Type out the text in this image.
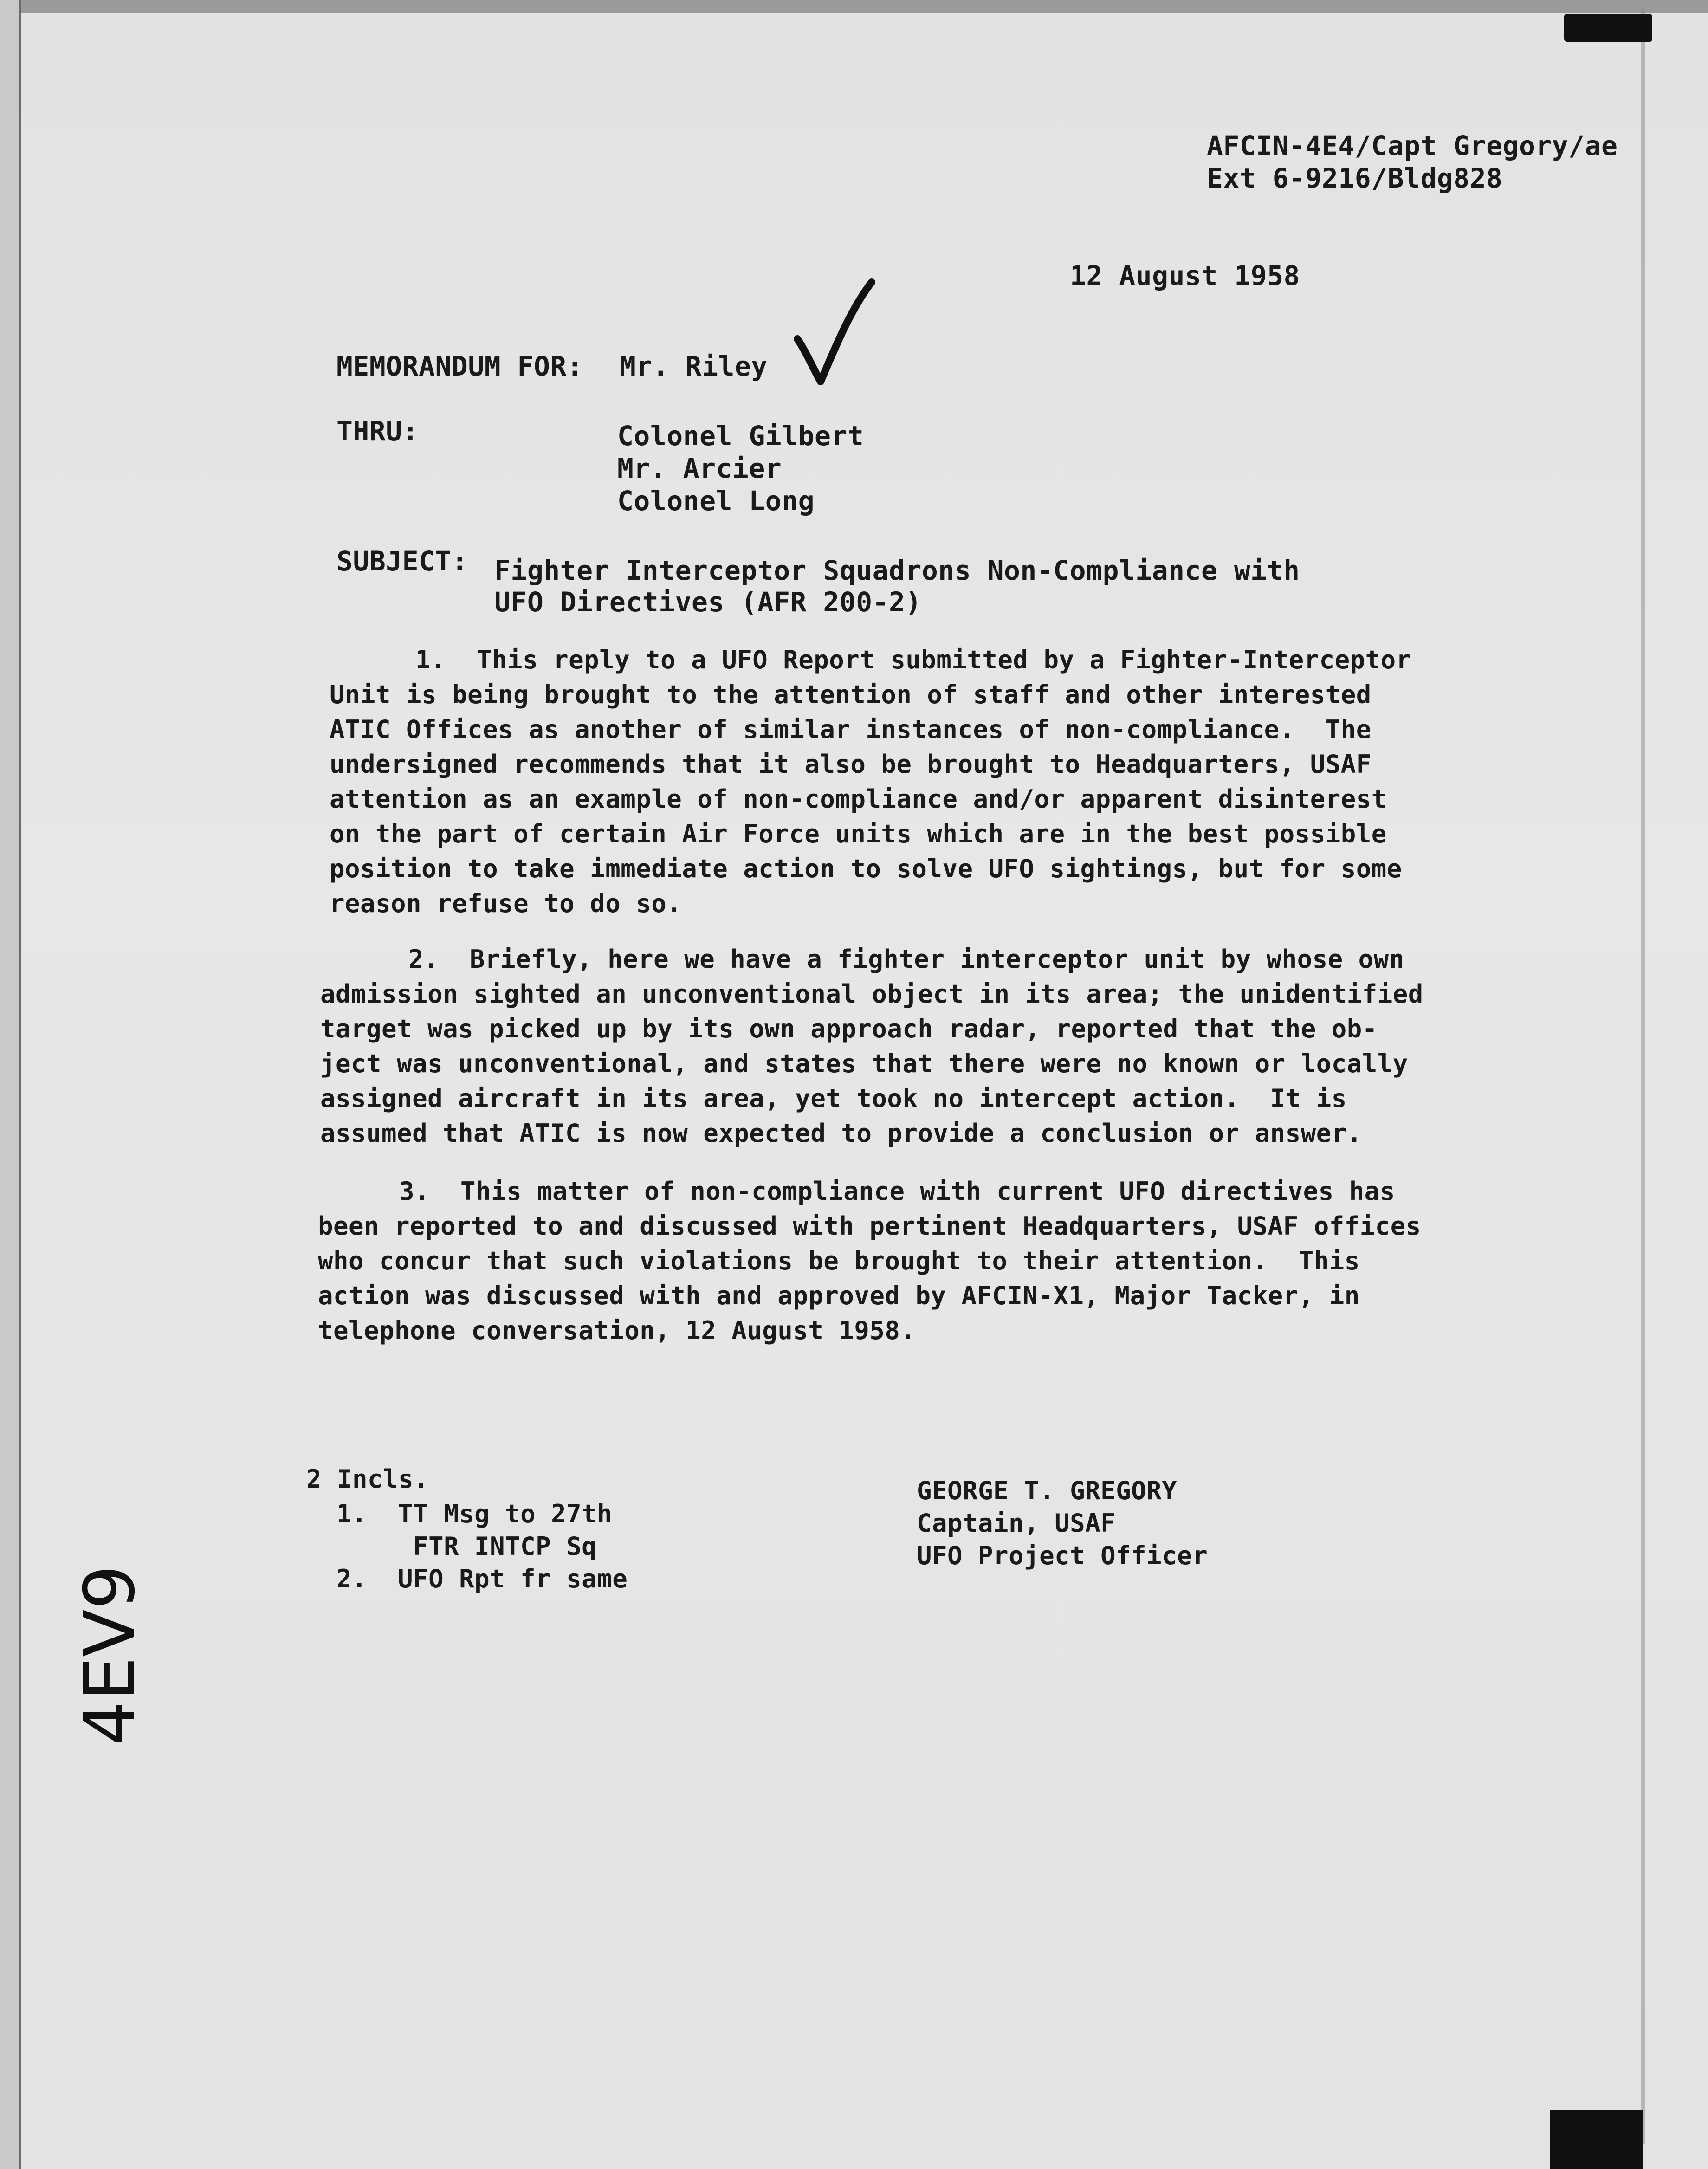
AFCIN-4E4/Capt Gregory/ae
Ext 6-9216/Bldg828
12 August 1958
MEMORANDUM FOR: Mr. Riley
THRU:	Colonel Gilbert
Mr. Arcier
Colonel Long
SUBJECT: Fighter Interceptor Squadrons Non-Compliance with
UFO Directives (AFR 200-2)
1.  This reply to a UFO Report submitted by a Fighter-Interceptor
Unit is being brought to the attention of staff and other interested
ATIC Offices as another of similar instances of non-compliance.  The
undersigned recommends that it also be brought to Headquarters, USAF
attention as an example of non-compliance and/or apparent disinterest
on the part of certain Air Force units which are in the best possible
position to take immediate action to solve UFO sightings, but for some
reason refuse to do so.
2.  Briefly, here we have a fighter interceptor unit by whose own
admission sighted an unconventional object in its area; the unidentified
target was picked up by its own approach radar, reported that the ob-
ject was unconventional, and states that there were no known or locally
assigned aircraft in its area, yet took no intercept action.  It is
assumed that ATIC is now expected to provide a conclusion or answer.
3.  This matter of non-compliance with current UFO directives has
been reported to and discussed with pertinent Headquarters, USAF offices
who concur that such violations be brought to their attention.  This
action was discussed with and approved by AFCIN-X1, Major Tacker, in
telephone conversation, 12 August 1958.
2 Incls.
1.  TT Msg to 27th
FTR INTCP Sq
2.  UFO Rpt fr same
GEORGE T. GREGORY
Captain, USAF
UFO Project Officer
4EV9
